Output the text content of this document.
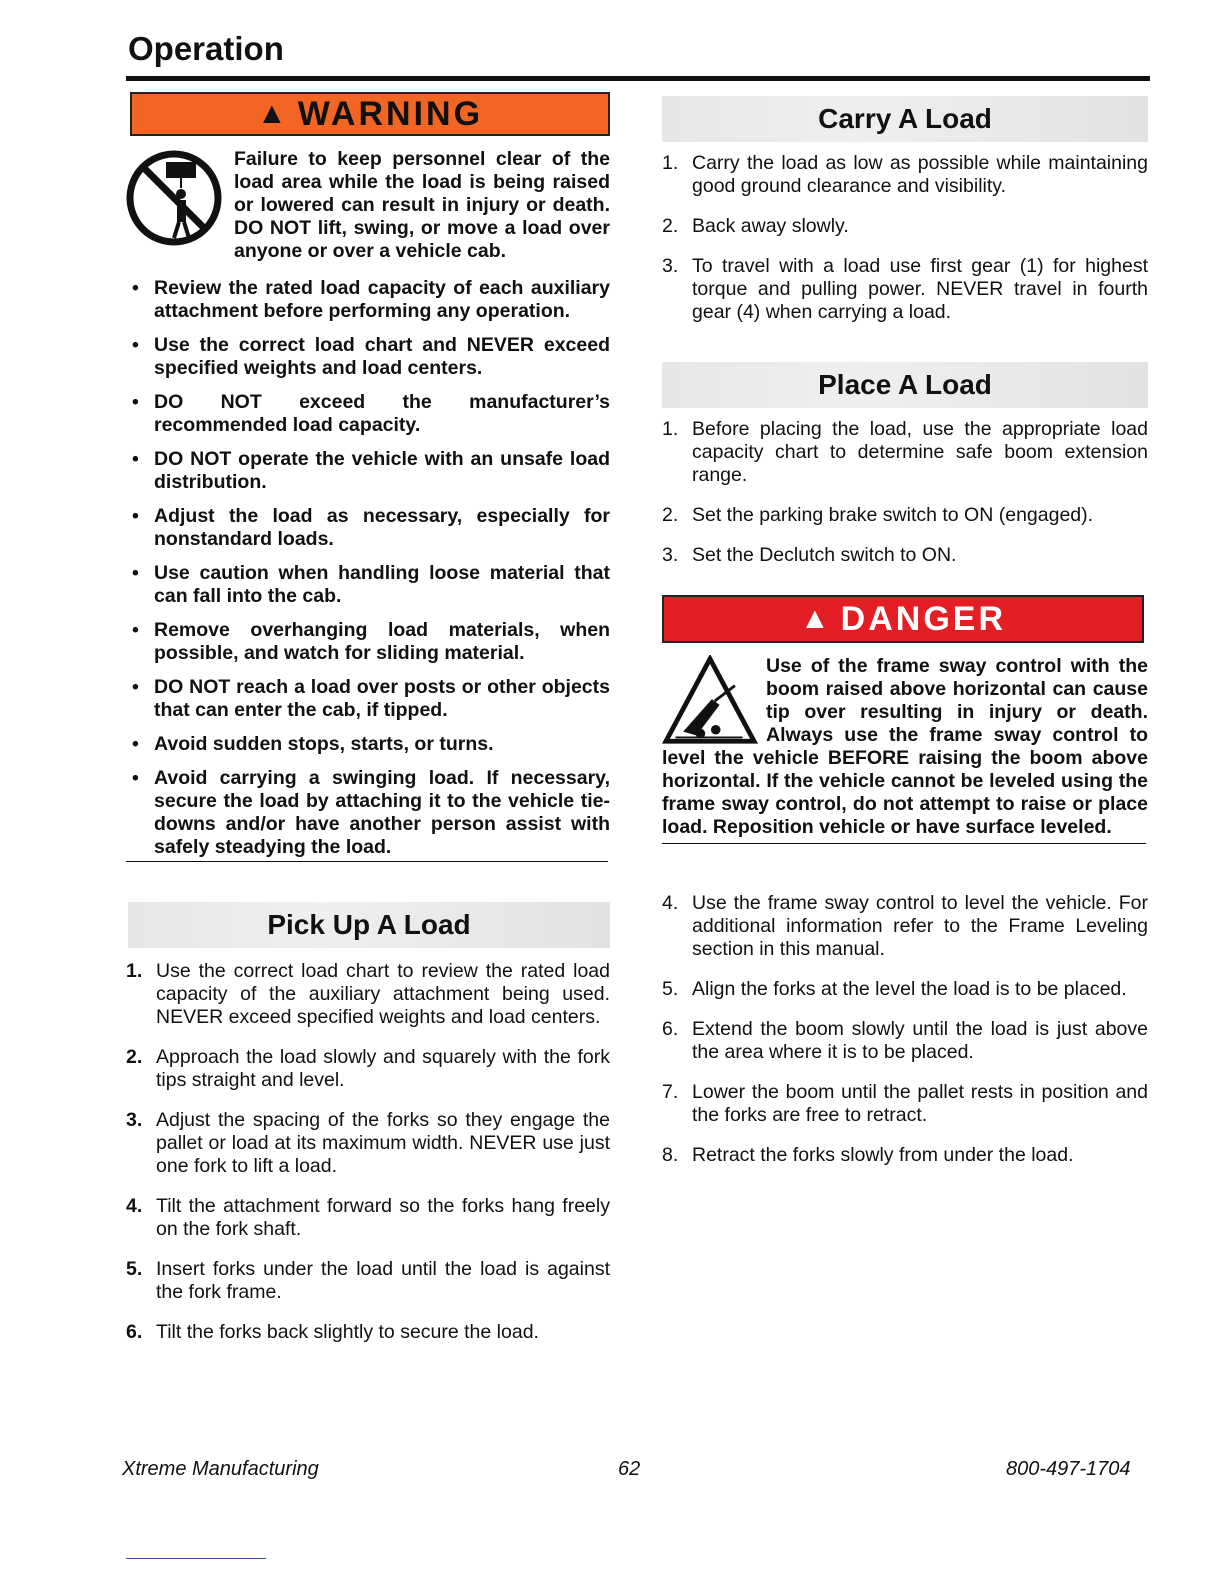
Operation
▲ WARNING

Failure to keep personnel clear of the load area while the load is being raised or lowered can result in injury or death. DO NOT lift, swing, or move a load over anyone or over a vehicle cab.

• Review the rated load capacity of each auxiliary attachment before performing any operation.
• Use the correct load chart and NEVER exceed specified weights and load centers.
• DO NOT exceed the manufacturer’s recommended load capacity.
• DO NOT operate the vehicle with an unsafe load distribution.
• Adjust the load as necessary, especially for nonstandard loads.
• Use caution when handling loose material that can fall into the cab.
• Remove overhanging load materials, when possible, and watch for sliding material.
• DO NOT reach a load over posts or other objects that can enter the cab, if tipped.
• Avoid sudden stops, starts, or turns.
• Avoid carrying a swinging load. If necessary, secure the load by attaching it to the vehicle tie-downs and/or have another person assist with safely steadying the load.
Pick Up A Load
1. Use the correct load chart to review the rated load capacity of the auxiliary attachment being used. NEVER exceed specified weights and load centers.
2. Approach the load slowly and squarely with the fork tips straight and level.
3. Adjust the spacing of the forks so they engage the pallet or load at its maximum width. NEVER use just one fork to lift a load.
4. Tilt the attachment forward so the forks hang freely on the fork shaft.
5. Insert forks under the load until the load is against the fork frame.
6. Tilt the forks back slightly to secure the load.
Carry A Load
1. Carry the load as low as possible while maintaining good ground clearance and visibility.
2. Back away slowly.
3. To travel with a load use first gear (1) for highest torque and pulling power. NEVER travel in fourth gear (4) when carrying a load.
Place A Load
1. Before placing the load, use the appropriate load capacity chart to determine safe boom extension range.
2. Set the parking brake switch to ON (engaged).
3. Set the Declutch switch to ON.
▲ DANGER

Use of the frame sway control with the boom raised above horizontal can cause tip over resulting in injury or death. Always use the frame sway control to level the vehicle BEFORE raising the boom above horizontal. If the vehicle cannot be leveled using the frame sway control, do not attempt to raise or place load. Reposition vehicle or have surface leveled.

4. Use the frame sway control to level the vehicle. For additional information refer to the Frame Leveling section in this manual.
5. Align the forks at the level the load is to be placed.
6. Extend the boom slowly until the load is just above the area where it is to be placed.
7. Lower the boom until the pallet rests in position and the forks are free to retract.
8. Retract the forks slowly from under the load.
Xtreme Manufacturing	62	800-497-1704
